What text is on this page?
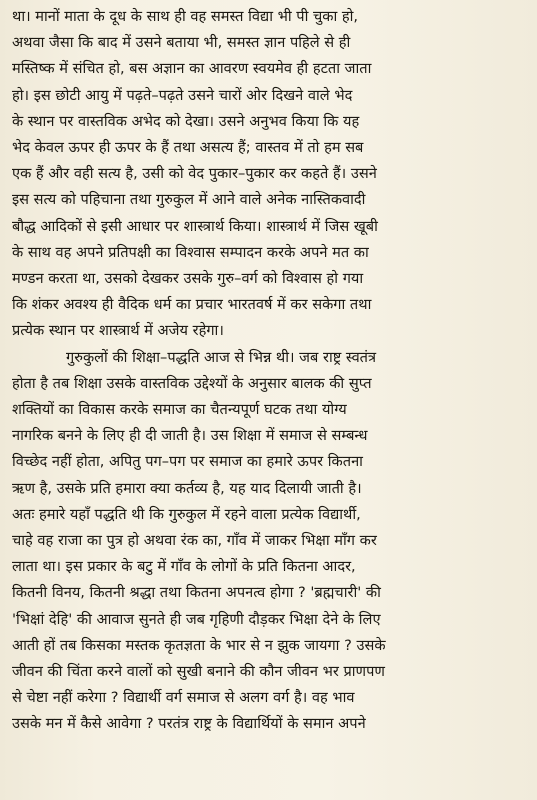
था। मानों माता के दूध के साथ ही वह समस्त विद्या भी पी चुका हो,
अथवा जैसा कि बाद में उसने बताया भी, समस्त ज्ञान पहिले से ही
मस्तिष्क में संचित हो, बस अज्ञान का आवरण स्वयमेव ही हटता जाता
हो। इस छोटी आयु में पढ़ते–पढ़ते उसने चारों ओर दिखने वाले भेद
के स्थान पर वास्तविक अभेद को देखा। उसने अनुभव किया कि यह
भेद केवल ऊपर ही ऊपर के हैं तथा असत्य हैं; वास्तव में तो हम सब
एक हैं और वही सत्य है, उसी को वेद पुकार–पुकार कर कहते हैं। उसने
इस सत्य को पहिचाना तथा गुरुकुल में आने वाले अनेक नास्तिकवादी
बौद्ध आदिकों से इसी आधार पर शास्त्रार्थ किया। शास्त्रार्थ में जिस खूबी
के साथ वह अपने प्रतिपक्षी का विश्वास सम्पादन करके अपने मत का
मण्डन करता था, उसको देखकर उसके गुरु–वर्ग को विश्वास हो गया
कि शंकर अवश्य ही वैदिक धर्म का प्रचार भारतवर्ष में कर सकेगा तथा
प्रत्येक स्थान पर शास्त्रार्थ में अजेय रहेगा।

गुरुकुलों की शिक्षा–पद्धति आज से भिन्न थी। जब राष्ट्र स्वतंत्र
होता है तब शिक्षा उसके वास्तविक उद्देश्यों के अनुसार बालक की सुप्त
शक्तियों का विकास करके समाज का चैतन्यपूर्ण घटक तथा योग्य
नागरिक बनने के लिए ही दी जाती है। उस शिक्षा में समाज से सम्बन्ध
विच्छेद नहीं होता, अपितु पग–पग पर समाज का हमारे ऊपर कितना
ऋण है, उसके प्रति हमारा क्या कर्तव्य है, यह याद दिलायी जाती है।
अतः हमारे यहाँ पद्धति थी कि गुरुकुल में रहने वाला प्रत्येक विद्यार्थी,
चाहे वह राजा का पुत्र हो अथवा रंक का, गाँव में जाकर भिक्षा माँग कर
लाता था। इस प्रकार के बटु में गाँव के लोगों के प्रति कितना आदर,
कितनी विनय, कितनी श्रद्धा तथा कितना अपनत्व होगा ? 'ब्रह्मचारी' की
'भिक्षां देहि' की आवाज सुनते ही जब गृहिणी दौड़कर भिक्षा देने के लिए
आती हों तब किसका मस्तक कृतज्ञता के भार से न झुक जायगा ? उसके
जीवन की चिंता करने वालों को सुखी बनाने की कौन जीवन भर प्राणपण
से चेष्टा नहीं करेगा ? विद्यार्थी वर्ग समाज से अलग वर्ग है। वह भाव
उसके मन में कैसे आवेगा ? परतंत्र राष्ट्र के विद्यार्थियों के समान अपने
